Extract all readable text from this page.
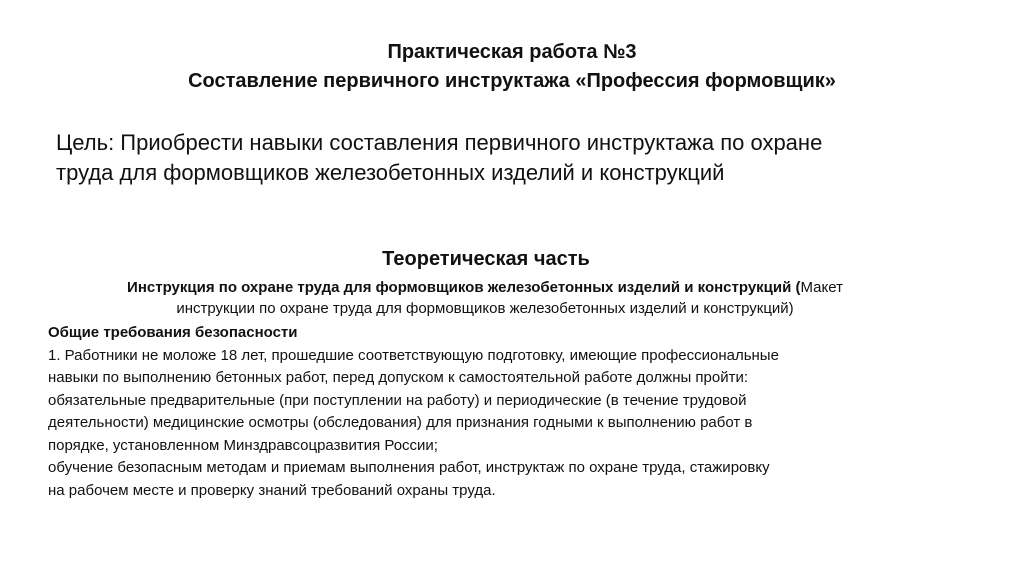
Практическая работа №3
Составление первичного инструктажа «Профессия формовщик»
Цель: Приобрести навыки составления первичного инструктажа по охране
труда для формовщиков железобетонных изделий и конструкций
Теоретическая часть
Инструкция по охране труда для формовщиков железобетонных изделий и конструкций (Макет
инструкции по охране труда для формовщиков железобетонных изделий и конструкций)

Общие требования безопасности

1. Работники не моложе 18 лет, прошедшие соответствующую подготовку, имеющие профессиональные

навыки по выполнению бетонных работ, перед допуском к самостоятельной работе должны пройти:

обязательные предварительные (при поступлении на работу) и периодические (в течение трудовой

деятельности) медицинские осмотры (обследования) для признания годными к выполнению работ в

порядке, установленном Минздравсоцразвития России;

обучение безопасным методам и приемам выполнения работ, инструктаж по охране труда, стажировку

на рабочем месте и проверку знаний требований охраны труда.
